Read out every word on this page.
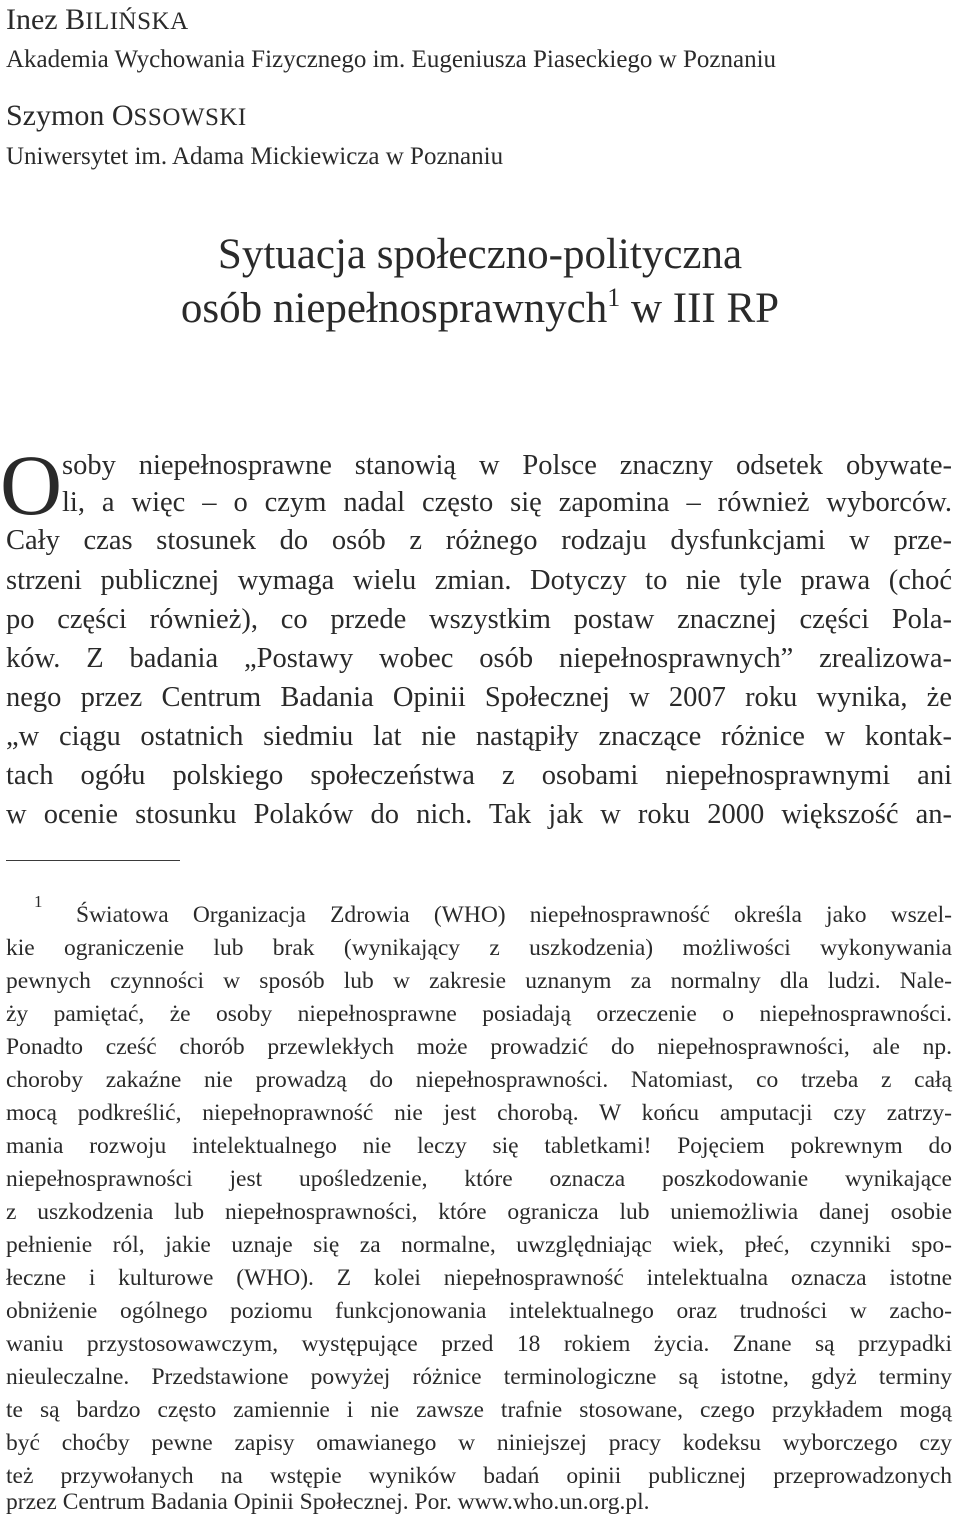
Inez BILIŃSKA

Akademia Wychowania Fizycznego im. Eugeniusza Piaseckiego w Poznaniu

Szymon OSSOWSKI

Uniwersytet im. Adama Mickiewicza w Poznaniu

Sytuacja społeczno-polityczna
osób niepełnosprawnych$^1$ w III RP
O soby niepełnosprawne stanowią w Polsce znaczny odsetek obywate-

li, a więc – o czym nadal często się zapomina – również wyborców.

Cały czas stosunek do osób z różnego rodzaju dysfunkcjami w prze-

strzeni publicznej wymaga wielu zmian. Dotyczy to nie tyle prawa (choć

po części również), co przede wszystkim postaw znacznej części Pola-

ków. Z badania „Postawy wobec osób niepełnosprawnych” zrealizowa-

nego przez Centrum Badania Opinii Społecznej w 2007 roku wynika, że

„w ciągu ostatnich siedmiu lat nie nastąpiły znaczące różnice w kontak-

tach ogółu polskiego społeczeństwa z osobami niepełnosprawnymi ani

w ocenie stosunku Polaków do nich. Tak jak w roku 2000 większość an-

1

Światowa Organizacja Zdrowia (WHO) niepełnosprawność określa jako wszel-

kie ograniczenie lub brak (wynikający z uszkodzenia) możliwości wykonywania

pewnych czynności w sposób lub w zakresie uznanym za normalny dla ludzi. Nale-

ży pamiętać, że osoby niepełnosprawne posiadają orzeczenie o niepełnosprawności.

Ponadto cześć chorób przewlekłych może prowadzić do niepełnosprawności, ale np.

choroby zakaźne nie prowadzą do niepełnosprawności. Natomiast, co trzeba z całą

mocą podkreślić, niepełnoprawność nie jest chorobą. W końcu amputacji czy zatrzy-

mania rozwoju intelektualnego nie leczy się tabletkami! Pojęciem pokrewnym do

niepełnosprawności jest upośledzenie, które oznacza poszkodowanie wynikające

z uszkodzenia lub niepełnosprawności, które ogranicza lub uniemożliwia danej osobie

pełnienie ról, jakie uznaje się za normalne, uwzględniając wiek, płeć, czynniki spo-

łeczne i kulturowe (WHO). Z kolei niepełnosprawność intelektualna oznacza istotne

obniżenie ogólnego poziomu funkcjonowania intelektualnego oraz trudności w zacho-

waniu przystosowawczym, występujące przed 18 rokiem życia. Znane są przypadki

nieuleczalne. Przedstawione powyżej różnice terminologiczne są istotne, gdyż terminy

te są bardzo często zamiennie i nie zawsze trafnie stosowane, czego przykładem mogą

być choćby pewne zapisy omawianego w niniejszej pracy kodeksu wyborczego czy

też przywołanych na wstępie wyników badań opinii publicznej przeprowadzonych

przez Centrum Badania Opinii Społecznej. Por. www.who.un.org.pl.
